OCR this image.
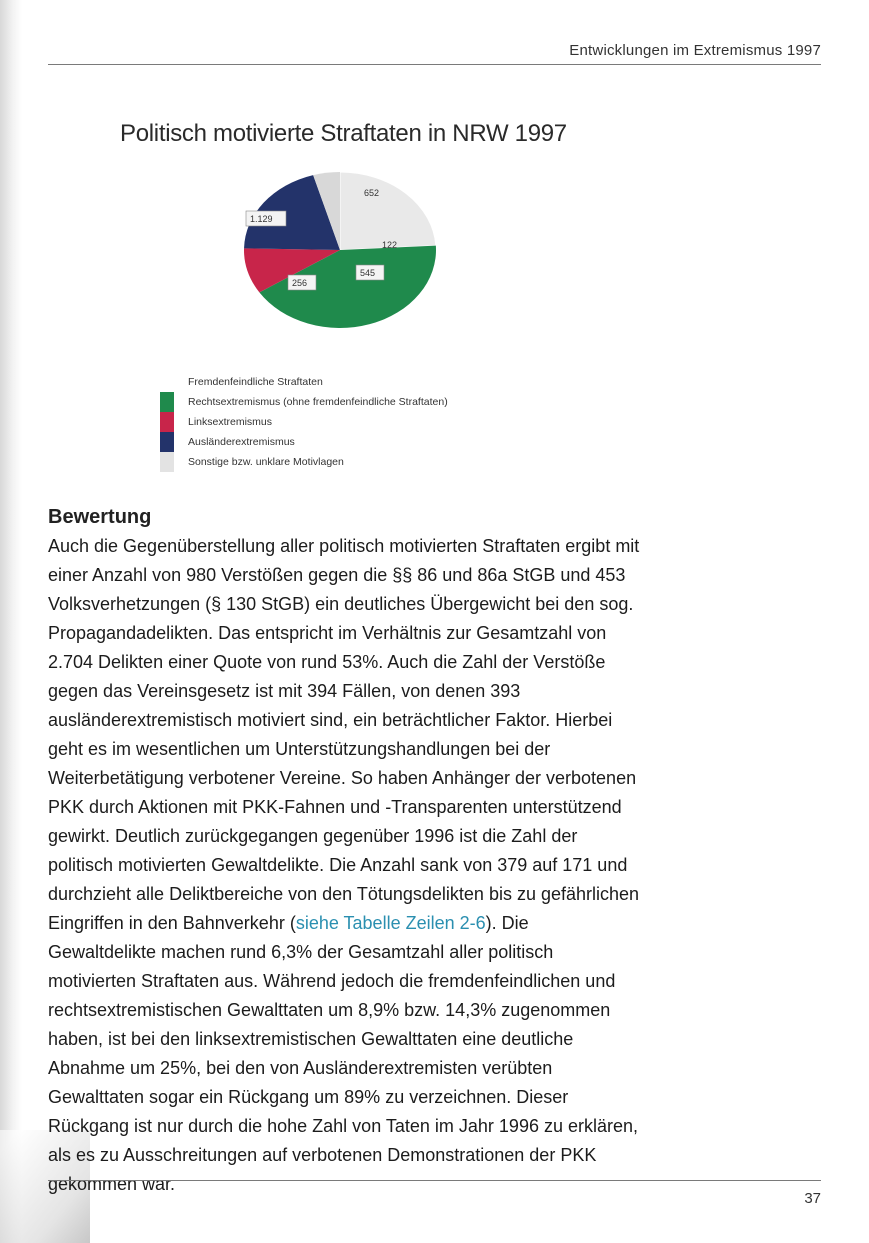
Entwicklungen im Extremismus 1997
Politisch motivierte Straftaten in NRW 1997
652
1.129
256
545
122
Fremdenfeindliche Straftaten
Rechtsextremismus (ohne fremdenfeindliche Straftaten)
Linksextremismus
Ausländerextremismus
Sonstige bzw. unklare Motivlagen
Bewertung

Auch die Gegenüberstellung aller politisch motivierten Straftaten ergibt mit einer Anzahl von 980 Verstößen gegen die §§ 86 und 86a StGB und 453 Volksverhetzungen (§ 130 StGB) ein deutliches Übergewicht bei den sog. Propagandadelikten. Das entspricht im Verhältnis zur Gesamtzahl von 2.704 Delikten einer Quote von rund 53%. Auch die Zahl der Verstöße gegen das Vereinsgesetz ist mit 394 Fällen, von denen 393 ausländerextremistisch motiviert sind, ein beträchtlicher Faktor. Hierbei geht es im wesentlichen um Unterstützungshandlungen bei der Weiterbetätigung verbotener Vereine. So haben Anhänger der verbotenen PKK durch Aktionen mit PKK-Fahnen und -Transparenten unterstützend gewirkt. Deutlich zurückgegangen gegenüber 1996 ist die Zahl der politisch motivierten Gewaltdelikte. Die Anzahl sank von 379 auf 171 und durchzieht alle Deliktbereiche von den Tötungsdelikten bis zu gefährlichen Eingriffen in den Bahnverkehr (siehe Tabelle Zeilen 2-6). Die Gewaltdelikte machen rund 6,3% der Gesamtzahl aller politisch motivierten Straftaten aus. Während jedoch die fremdenfeindlichen und rechtsextremistischen Gewalttaten um 8,9% bzw. 14,3% zugenommen haben, ist bei den linksextremistischen Gewalttaten eine deutliche Abnahme um 25%, bei den von Ausländerextremisten verübten Gewalttaten sogar ein Rückgang um 89% zu verzeichnen. Dieser Rückgang ist nur durch die hohe Zahl von Taten im Jahr 1996 zu erklären, als es zu Ausschreitungen auf verbotenen Demonstrationen der PKK gekommen war.

37
